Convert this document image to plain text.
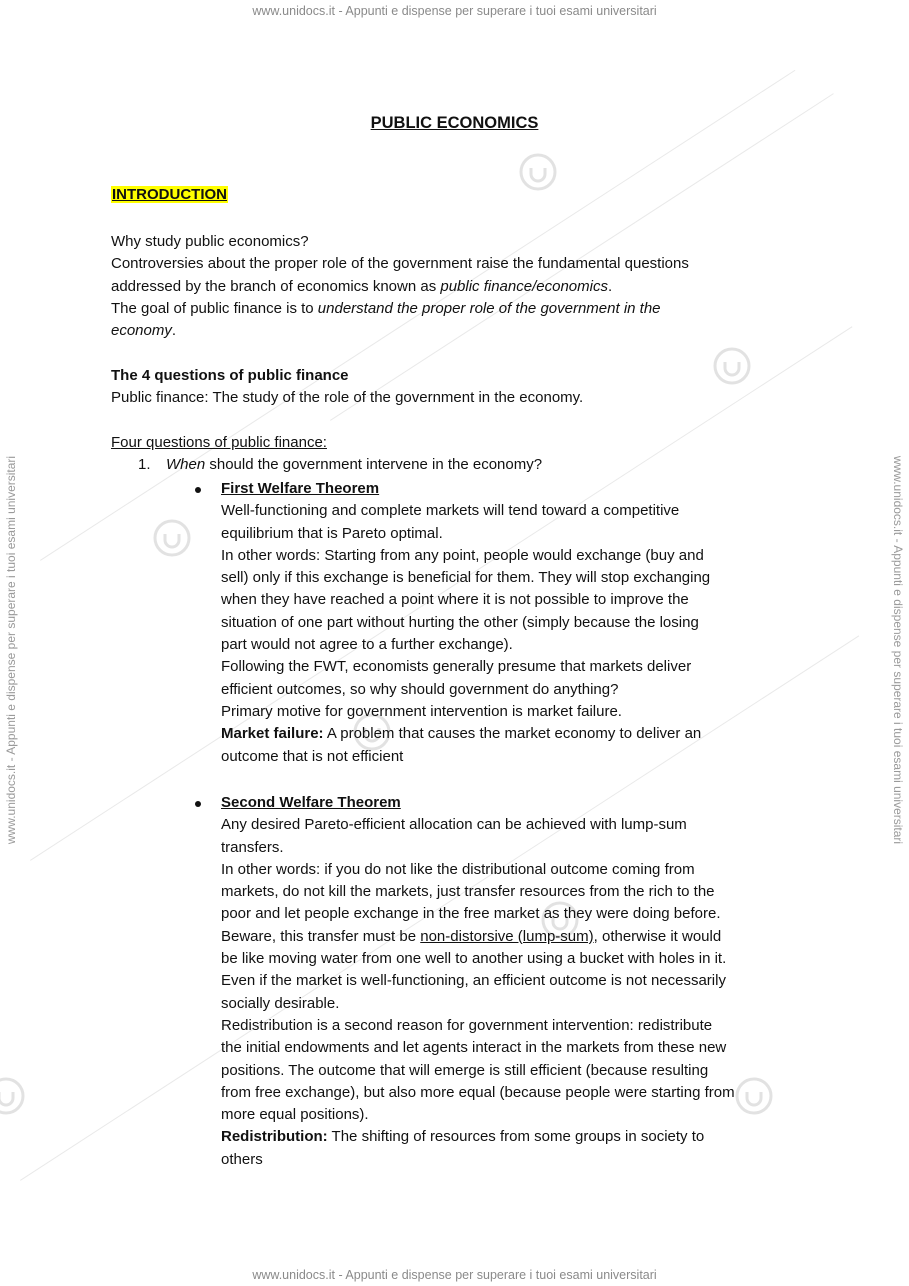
www.unidocs.it - Appunti e dispense per superare i tuoi esami universitari
www.unidocs.it - Appunti e dispense per superare i tuoi esami universitari
www.unidocs.it - Appunti e dispense per superare i tuoi esami universitari	www.unidocs.it - Appunti e dispense per superare i tuoi esami universitari
PUBLIC ECONOMICS
INTRODUCTION

Why study public economics?

Controversies about the proper role of the government raise the fundamental questions

addressed by the branch of economics known as public finance/economics.

The goal of public finance is to understand the proper role of the government in the

economy.

The 4 questions of public finance

Public finance: The study of the role of the government in the economy.

Four questions of public finance:
1. When should the government intervene in the economy?

First Welfare Theorem

Well-functioning and complete markets will tend toward a competitive

equilibrium that is Pareto optimal.

In other words: Starting from any point, people would exchange (buy and

sell) only if this exchange is beneficial for them. They will stop exchanging

when they have reached a point where it is not possible to improve the

situation of one part without hurting the other (simply because the losing

part would not agree to a further exchange).

Following the FWT, economists generally presume that markets deliver

efficient outcomes, so why should government do anything?

Primary motive for government intervention is market failure.

Market failure: A problem that causes the market economy to deliver an

outcome that is not efficient

Second Welfare Theorem

Any desired Pareto-efficient allocation can be achieved with lump-sum

transfers.

In other words: if you do not like the distributional outcome coming from

markets, do not kill the markets, just transfer resources from the rich to the

poor and let people exchange in the free market as they were doing before.

Beware, this transfer must be non-distorsive (lump-sum), otherwise it would

be like moving water from one well to another using a bucket with holes in it.

Even if the market is well-functioning, an efficient outcome is not necessarily

socially desirable.

Redistribution is a second reason for government intervention: redistribute

the initial endowments and let agents interact in the markets from these new

positions. The outcome that will emerge is still efficient (because resulting

from free exchange), but also more equal (because people were starting from

more equal positions).

Redistribution: The shifting of resources from some groups in society to

others
